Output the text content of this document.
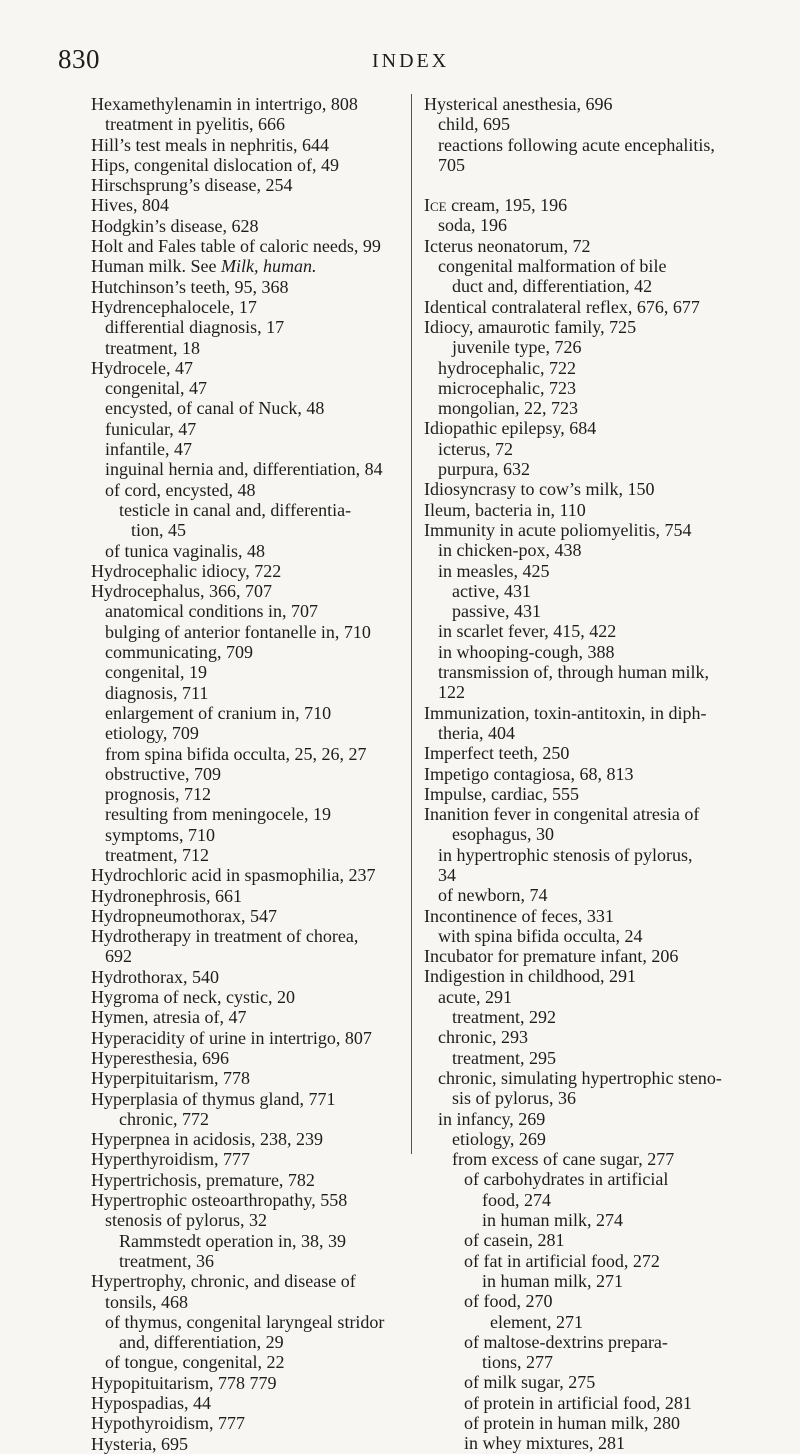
830	INDEX

Hexamethylenamin in intertrigo, 808

treatment in pyelitis, 666

Hill’s test meals in nephritis, 644

Hips, congenital dislocation of, 49

Hirschsprung’s disease, 254

Hives, 804

Hodgkin’s disease, 628

Holt and Fales table of caloric needs, 99

Human milk. See Milk, human.

Hutchinson’s teeth, 95, 368

Hydrencephalocele, 17

differential diagnosis, 17

treatment, 18

Hydrocele, 47

congenital, 47

encysted, of canal of Nuck, 48

funicular, 47

infantile, 47

inguinal hernia and, differentiation, 84

of cord, encysted, 48

testicle in canal and, differentia-

tion, 45

of tunica vaginalis, 48

Hydrocephalic idiocy, 722

Hydrocephalus, 366, 707

anatomical conditions in, 707

bulging of anterior fontanelle in, 710

communicating, 709

congenital, 19

diagnosis, 711

enlargement of cranium in, 710

etiology, 709

from spina bifida occulta, 25, 26, 27

obstructive, 709

prognosis, 712

resulting from meningocele, 19

symptoms, 710

treatment, 712

Hydrochloric acid in spasmophilia, 237

Hydronephrosis, 661

Hydropneumothorax, 547

Hydrotherapy in treatment of chorea,

692

Hydrothorax, 540

Hygroma of neck, cystic, 20

Hymen, atresia of, 47

Hyperacidity of urine in intertrigo, 807

Hyperesthesia, 696

Hyperpituitarism, 778

Hyperplasia of thymus gland, 771

chronic, 772

Hyperpnea in acidosis, 238, 239

Hyperthyroidism, 777

Hypertrichosis, premature, 782

Hypertrophic osteoarthropathy, 558

stenosis of pylorus, 32

Rammstedt operation in, 38, 39

treatment, 36

Hypertrophy, chronic, and disease of

tonsils, 468

of thymus, congenital laryngeal stridor

and, differentiation, 29

of tongue, congenital, 22

Hypopituitarism, 778 779

Hypospadias, 44

Hypothyroidism, 777

Hysteria, 695

Hysterical anesthesia, 696

child, 695

reactions following acute encephalitis,

705

Ice cream, 195, 196

soda, 196

Icterus neonatorum, 72

congenital malformation of bile

duct and, differentiation, 42

Identical contralateral reflex, 676, 677

Idiocy, amaurotic family, 725

juvenile type, 726

hydrocephalic, 722

microcephalic, 723

mongolian, 22, 723

Idiopathic epilepsy, 684

icterus, 72

purpura, 632

Idiosyncrasy to cow’s milk, 150

Ileum, bacteria in, 110

Immunity in acute poliomyelitis, 754

in chicken-pox, 438

in measles, 425

active, 431

passive, 431

in scarlet fever, 415, 422

in whooping-cough, 388

transmission of, through human milk,

122

Immunization, toxin-antitoxin, in diph-

theria, 404

Imperfect teeth, 250

Impetigo contagiosa, 68, 813

Impulse, cardiac, 555

Inanition fever in congenital atresia of

esophagus, 30

in hypertrophic stenosis of pylorus,

34

of newborn, 74

Incontinence of feces, 331

with spina bifida occulta, 24

Incubator for premature infant, 206

Indigestion in childhood, 291

acute, 291

treatment, 292

chronic, 293

treatment, 295

chronic, simulating hypertrophic steno-

sis of pylorus, 36

in infancy, 269

etiology, 269

from excess of cane sugar, 277

of carbohydrates in artificial

food, 274

in human milk, 274

of casein, 281

of fat in artificial food, 272

in human milk, 271

of food, 270

element, 271

of maltose-dextrins prepara-

tions, 277

of milk sugar, 275

of protein in artificial food, 281

of protein in human milk, 280

in whey mixtures, 281
